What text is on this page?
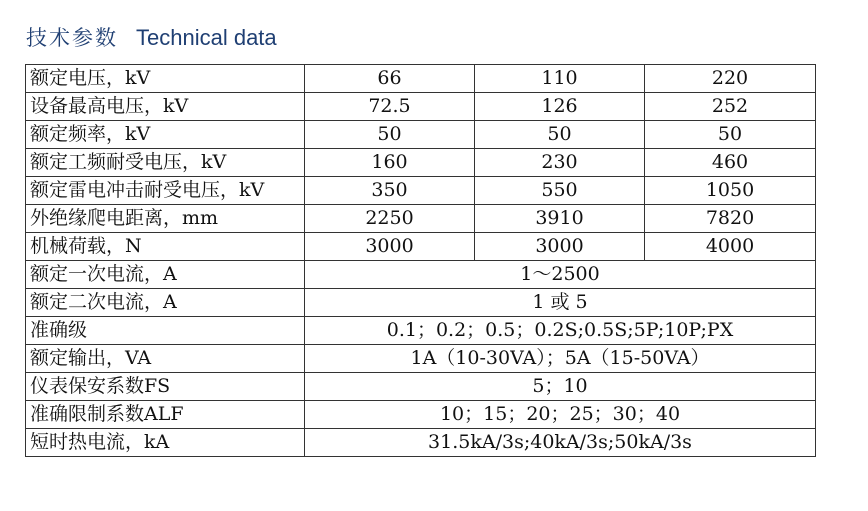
技术参数 Technical data
额定电压，kV	66	110	220
设备最高电压，kV	72.5	126	252
额定频率，kV	50	50	50
额定工频耐受电压，kV	160	230	460
额定雷电冲击耐受电压，kV	350	550	1050
外绝缘爬电距离，mm	2250	3910	7820
机械荷载，N	3000	3000	4000
额定一次电流，A	1～2500		
额定二次电流，A	1 或 5		
准确级	0.1；0.2；0.5；0.2S;0.5S;5P;10P;PX		
额定输出，VA	1A（10-30VA）；5A（15-50VA）		
仪表保安系数FS	5；10		
准确限制系数ALF	10；15；20；25；30；40		
短时热电流，kA	31.5kA/3s;40kA/3s;50kA/3s		
